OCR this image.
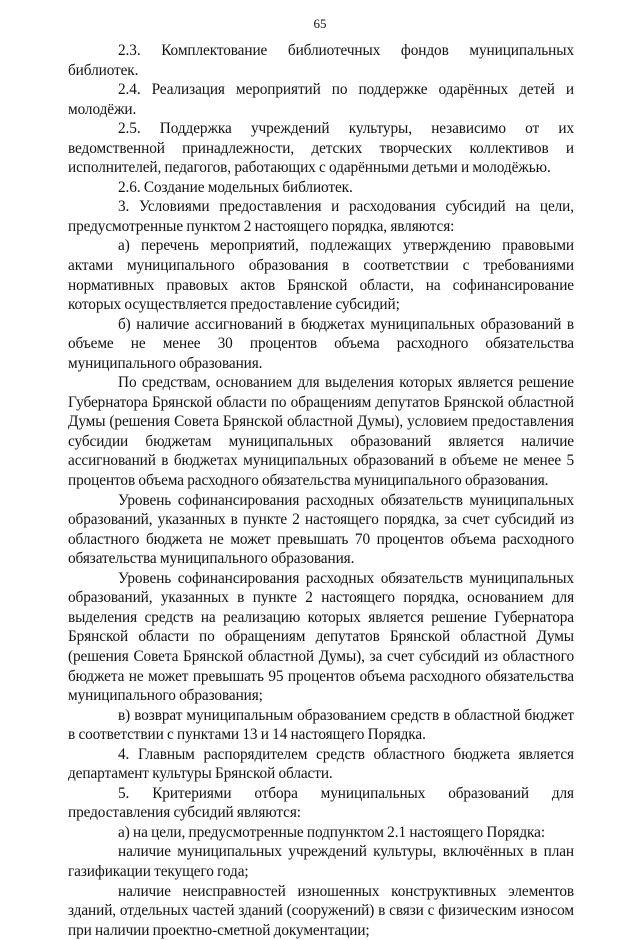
65

2.3. Комплектование библиотечных фондов муниципальных библиотек.

2.4. Реализация мероприятий по поддержке одарённых детей и молодёжи.

2.5. Поддержка учреждений культуры, независимо от их ведомственной принадлежности, детских творческих коллективов и исполнителей, педагогов, работающих с одарёнными детьми и молодёжью.

2.6. Создание модельных библиотек.

3. Условиями предоставления и расходования субсидий на цели, предусмотренные пунктом 2 настоящего порядка, являются:

а) перечень мероприятий, подлежащих утверждению правовыми актами муниципального образования в соответствии с требованиями нормативных правовых актов Брянской области, на софинансирование которых осуществляется предоставление субсидий;

б) наличие ассигнований в бюджетах муниципальных образований в объеме не менее 30 процентов объема расходного обязательства муниципального образования.

По средствам, основанием для выделения которых является решение Губернатора Брянской области по обращениям депутатов Брянской областной Думы (решения Совета Брянской областной Думы), условием предоставления субсидии бюджетам муниципальных образований является наличие ассигнований в бюджетах муниципальных образований в объеме не менее 5 процентов объема расходного обязательства муниципального образования.

Уровень софинансирования расходных обязательств муниципальных образований, указанных в пункте 2 настоящего порядка, за счет субсидий из областного бюджета не может превышать 70 процентов объема расходного обязательства муниципального образования.

Уровень софинансирования расходных обязательств муниципальных образований, указанных в пункте 2 настоящего порядка, основанием для выделения средств на реализацию которых является решение Губернатора Брянской области по обращениям депутатов Брянской областной Думы (решения Совета Брянской областной Думы), за счет субсидий из областного бюджета не может превышать 95 процентов объема расходного обязательства муниципального образования;

в) возврат муниципальным образованием средств в областной бюджет в соответствии с пунктами 13 и 14 настоящего Порядка.

4. Главным распорядителем средств областного бюджета является департамент культуры Брянской области.

5. Критериями отбора муниципальных образований для предоставления субсидий являются:

а) на цели, предусмотренные подпунктом 2.1 настоящего Порядка:

наличие муниципальных учреждений культуры, включённых в план газификации текущего года;

наличие неисправностей изношенных конструктивных элементов зданий, отдельных частей зданий (сооружений) в связи с физическим износом при наличии проектно-сметной документации;
